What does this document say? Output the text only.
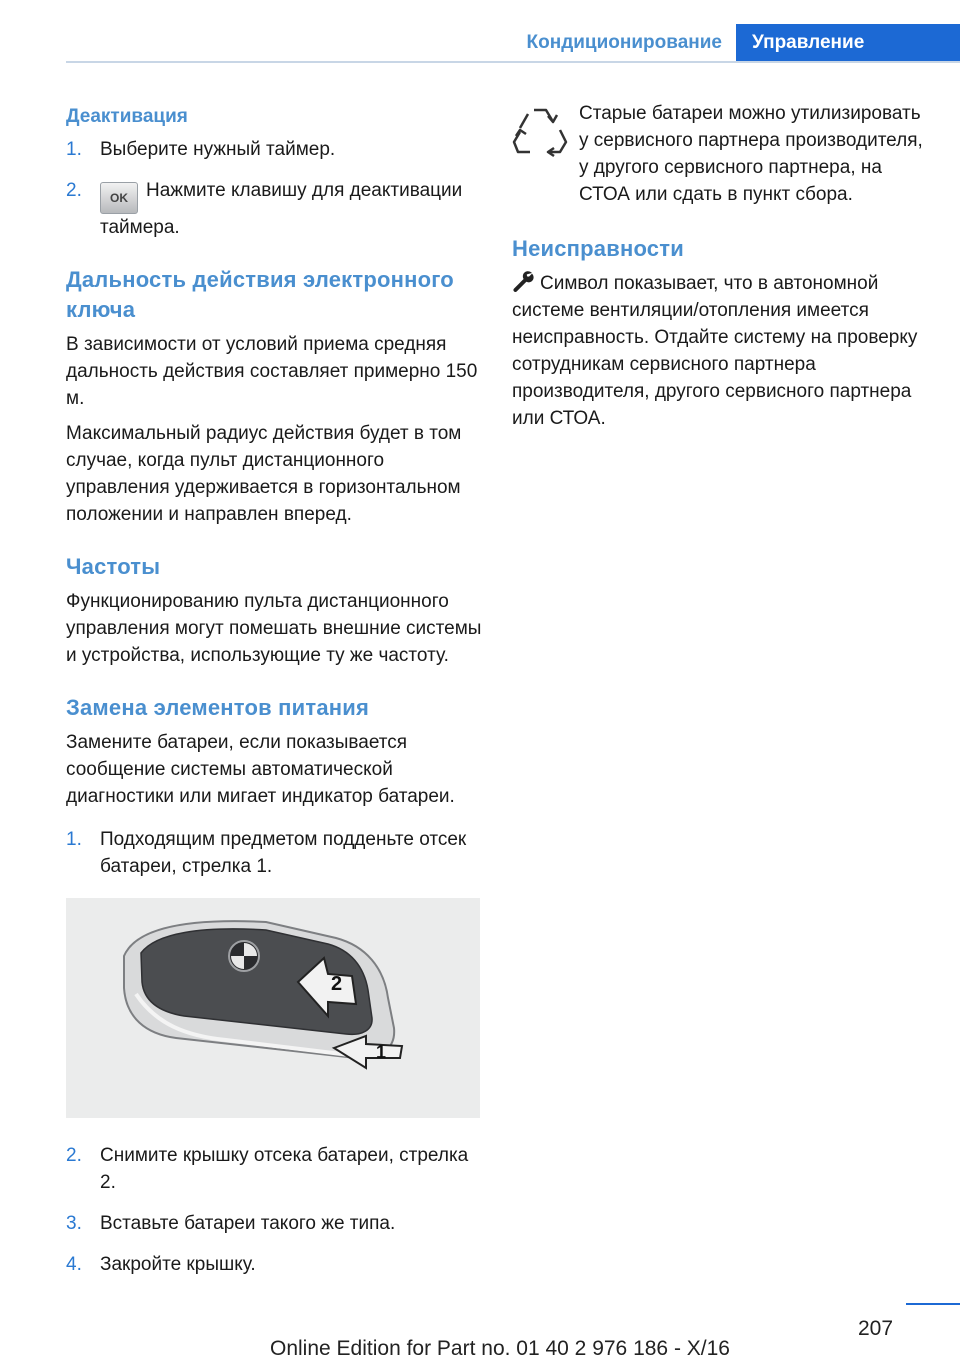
Кондиционирование	Управление
Деактивация
1. Выберите нужный таймер.
2. OK Нажмите клавишу для деактивации таймера.
Дальность действия электронного ключа

В зависимости от условий приема средняя дальность действия составляет примерно 150 м.

Максимальный радиус действия будет в том случае, когда пульт дистанционного управления удерживается в горизонтальном положении и направлен вперед.

Частоты

Функционированию пульта дистанционного управления могут помешать внешние системы и устройства, использующие ту же частоту.

Замена элементов питания

Замените батареи, если показывается сообщение системы автоматической диагностики или мигает индикатор батареи.

1. Подходящим предметом подденьте отсек батареи, стрелка 1.
2
1
2. Снимите крышку отсека батареи, стрелка 2.
3. Вставьте батареи такого же типа.
4. Закройте крышку.
Старые батареи можно утилизировать у сервисного партнера производителя, у другого сервисного партнера, на СТОА или сдать в пункт сбора.
Неисправности

Символ показывает, что в автономной системе вентиляции/отопления имеется неисправность. Отдайте систему на проверку сотрудникам сервисного партнера производителя, другого сервисного партнера или СТОА.

207
Online Edition for Part no. 01 40 2 976 186 - X/16
